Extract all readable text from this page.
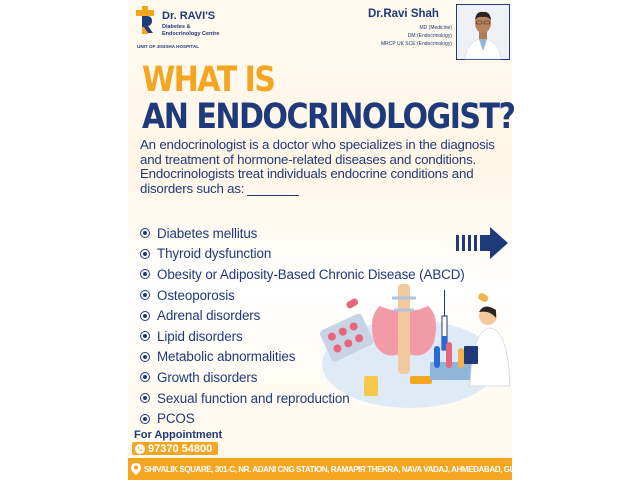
Dr. RAVI'S
Diabetes &
Endocrinology Centre
UNIT OF JIGISHA HOSPITAL
Dr.Ravi Shah
MD (Medicine)
DM (Endocrinology)
MRCP UK SCE (Endocrinology)
WHAT IS
AN ENDOCRINOLOGIST?
An endocrinologist is a doctor who specializes in the diagnosis and treatment of hormone-related diseases and conditions. Endocrinologists treat individuals endocrine conditions and disorders such as:
Diabetes mellitus
Thyroid dysfunction
Obesity or Adiposity-Based Chronic Disease (ABCD)
Osteoporosis
Adrenal disorders
Lipid disorders
Metabolic abnormalities
Growth disorders
Sexual function and reproduction
PCOS
For Appointment
97370 54800
SHIVALIK SQUARE, 301-C, NR. ADANI CNG STATION, RAMAPIR THEKRA, NAVA VADAJ, AHMEDABAD, GUJARAT 380013
